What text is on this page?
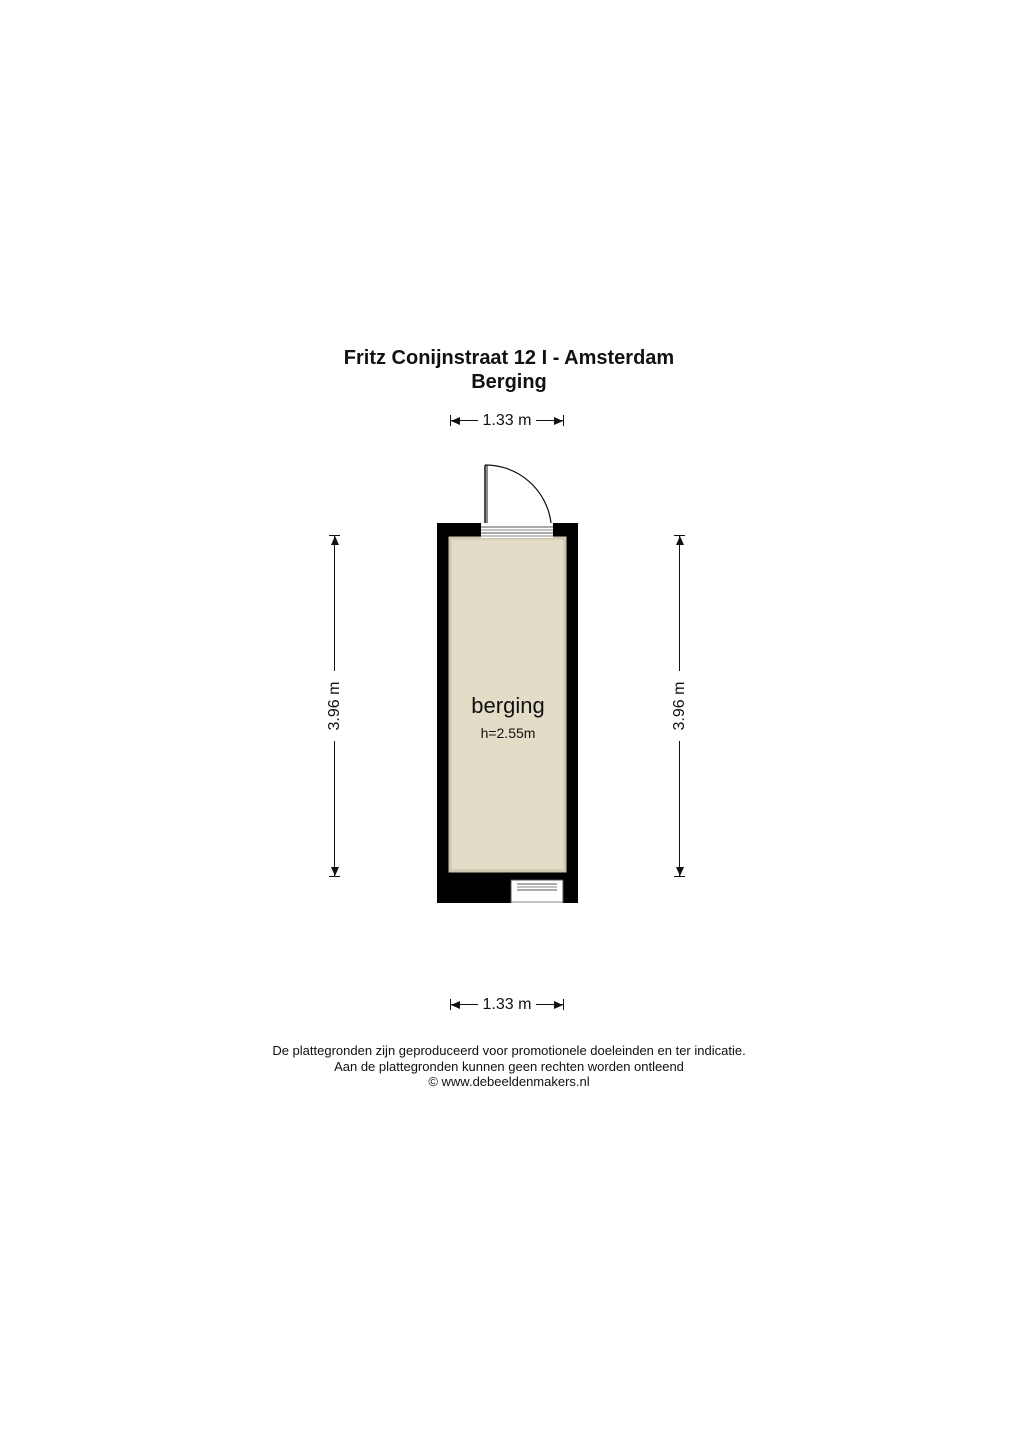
Fritz Conijnstraat 12 I - Amsterdam
Berging
1.33 m
berging
h=2.55m
3.96 m	3.96 m
1.33 m
De plattegronden zijn geproduceerd voor promotionele doeleinden en ter indicatie.
Aan de plattegronden kunnen geen rechten worden ontleend
© www.debeeldenmakers.nl
